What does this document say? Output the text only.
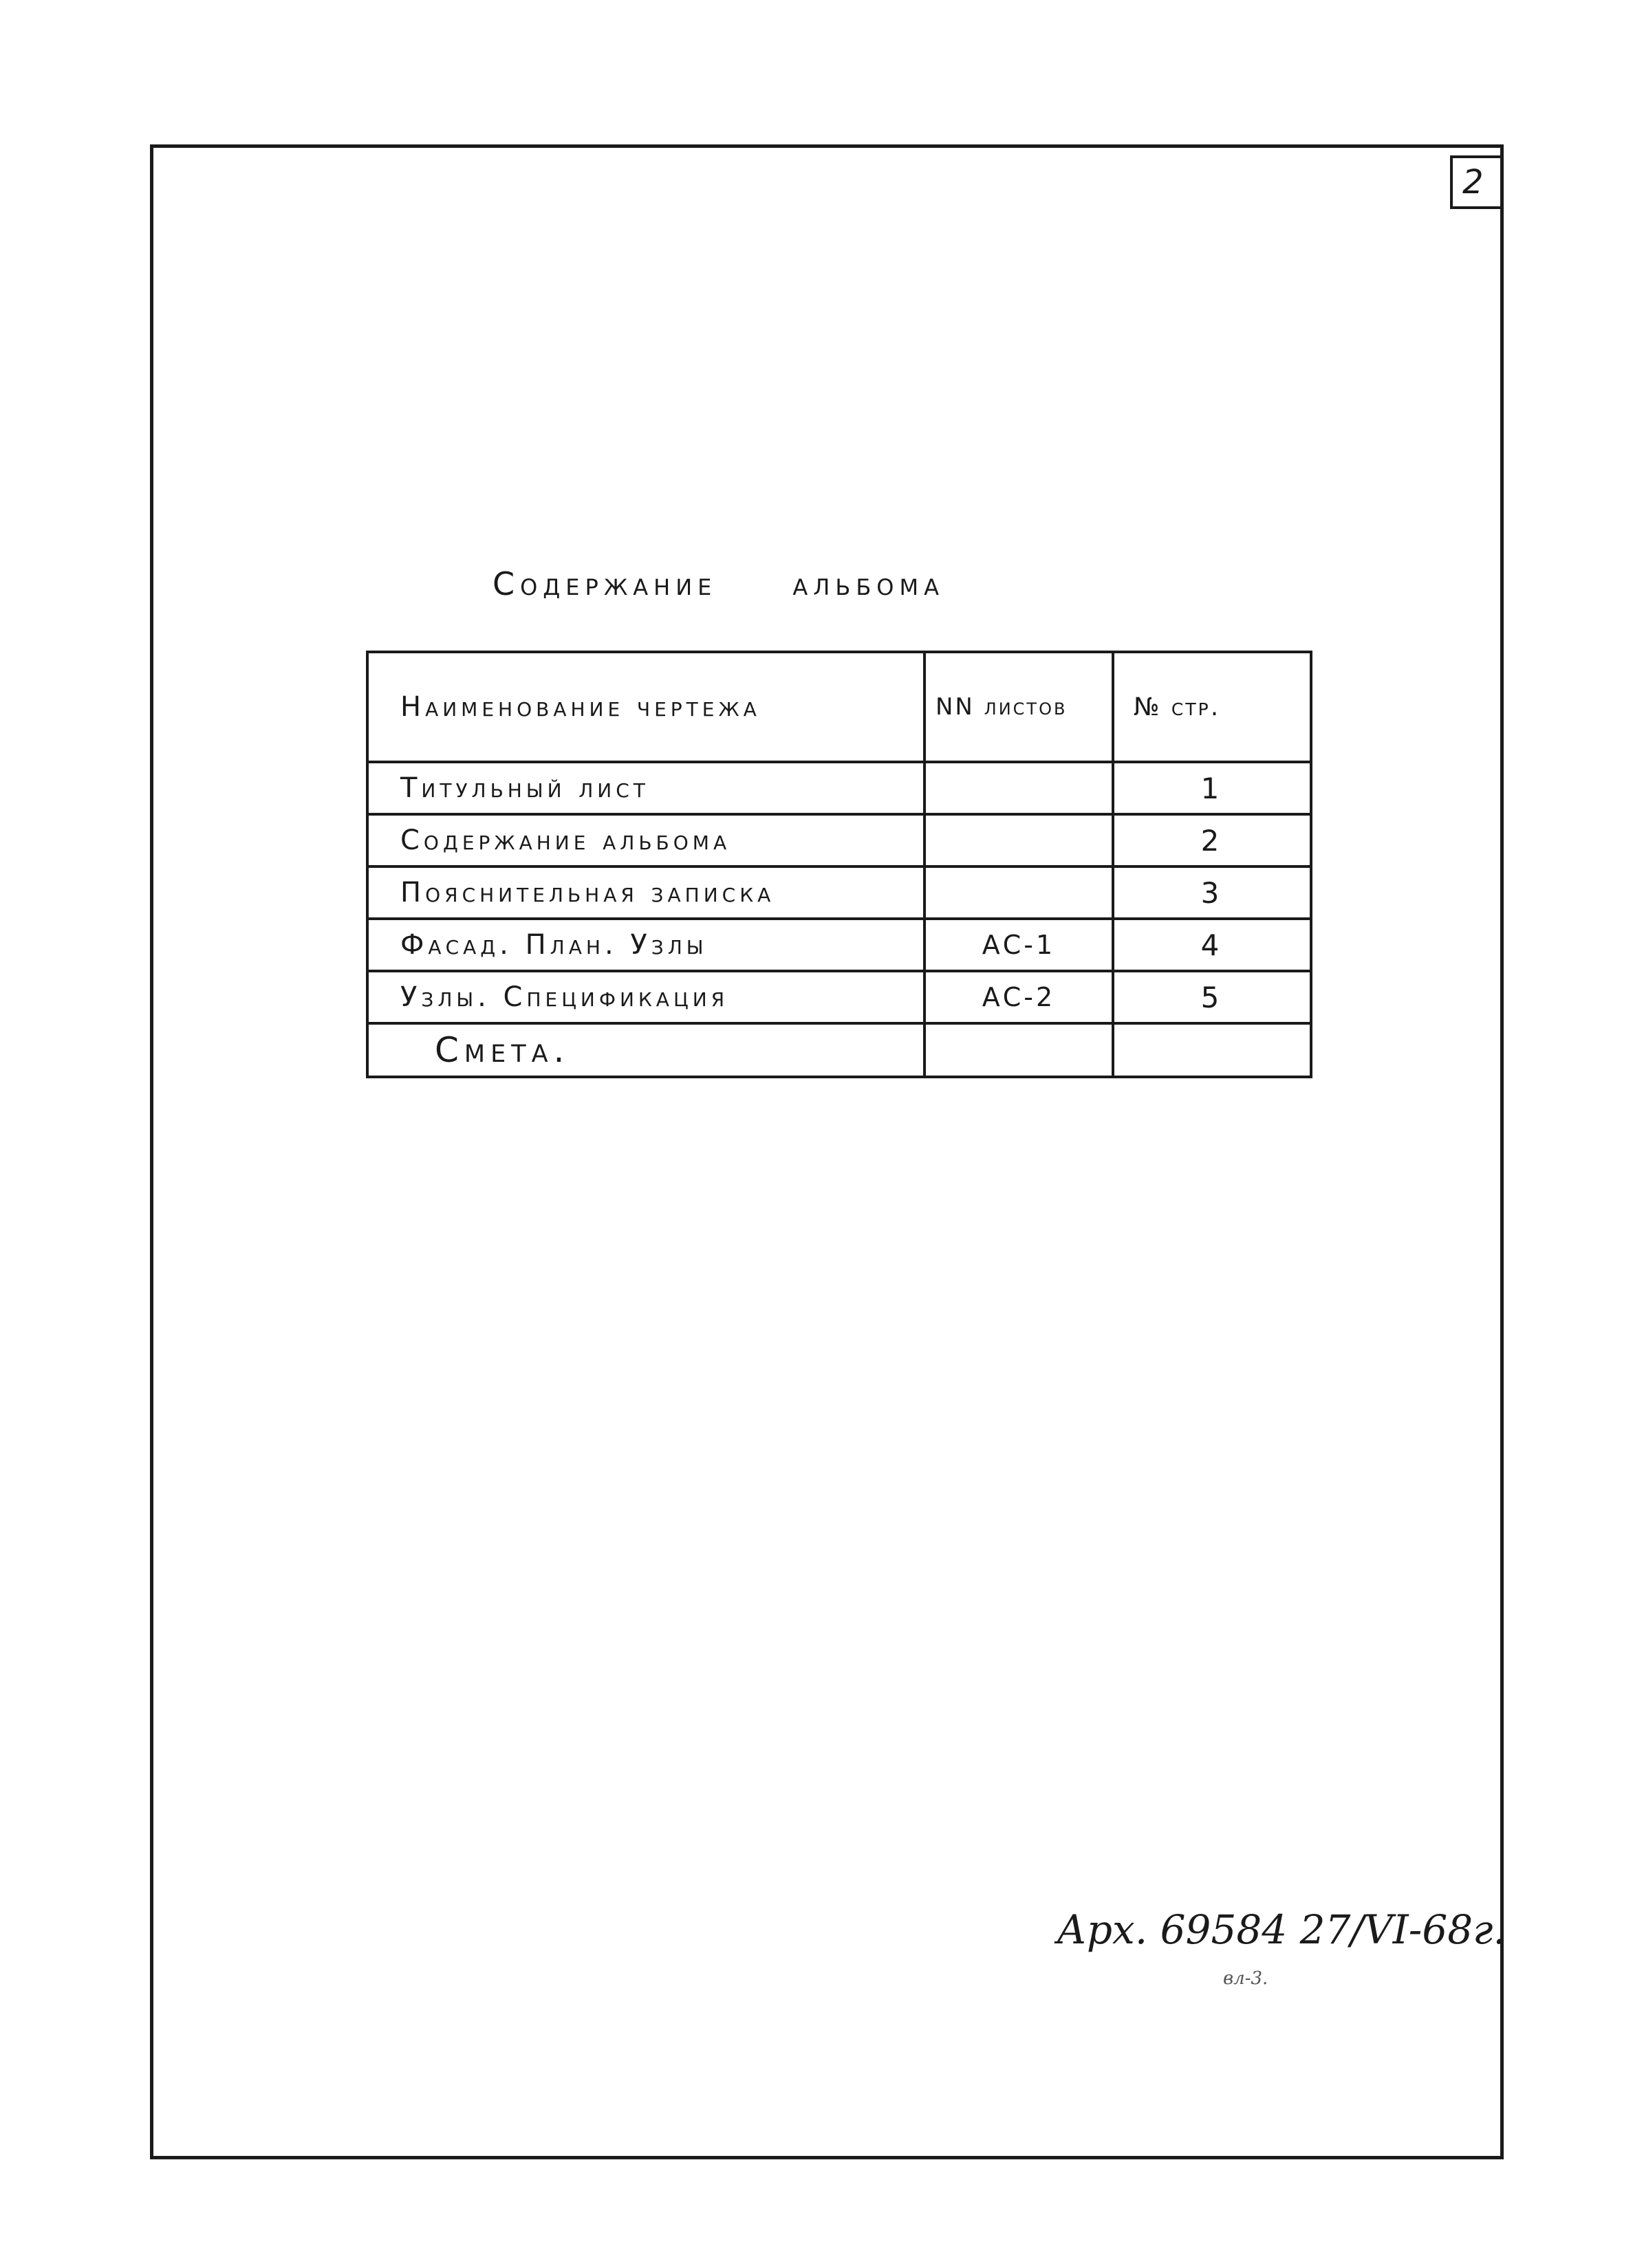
2
Содержание альбома
Наименование чертежа	NN листов	№ стр.
Титульный лист		1
Содержание альбома		2
Пояснительная записка		3
Фасад. План. Узлы	АС-1	4
Узлы. Спецификация	АС-2	5
Смета.		
Арх. 69584 27/VI-68г.
вл-3.
